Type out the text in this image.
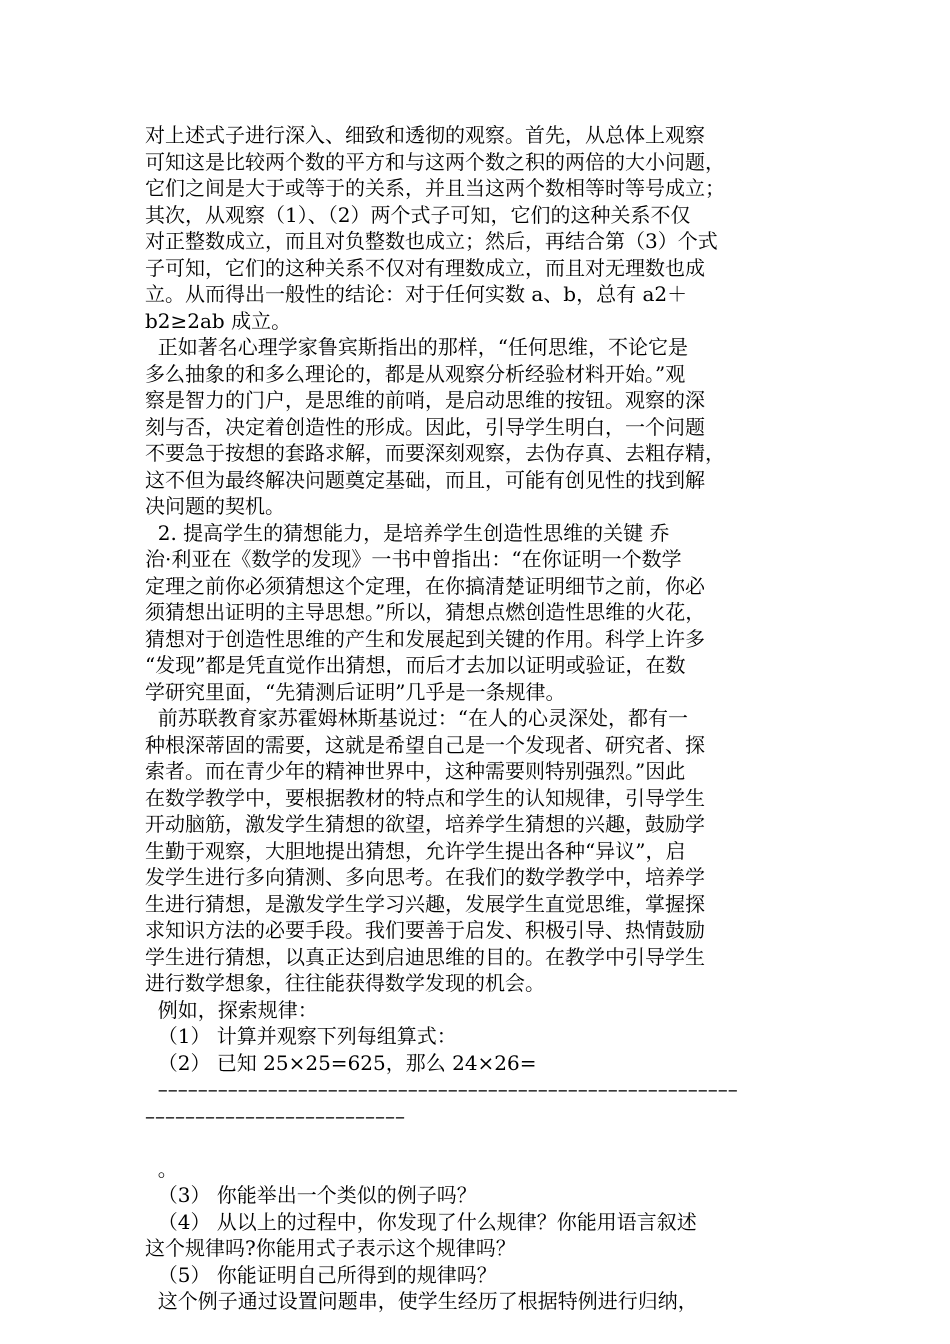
对上述式子进行深入、细致和透彻的观察。首先，从总体上观察
可知这是比较两个数的平方和与这两个数之积的两倍的大小问题，
它们之间是大于或等于的关系，并且当这两个数相等时等号成立；
其次，从观察（1）、（2）两个式子可知，它们的这种关系不仅
对正整数成立，而且对负整数也成立；然后，再结合第（3）个式
子可知，它们的这种关系不仅对有理数成立，而且对无理数也成
立。从而得出一般性的结论：对于任何实数 a、b，总有 a2＋
b2≥2ab 成立。
正如著名心理学家鲁宾斯指出的那样，“任何思维，不论它是
多么抽象的和多么理论的，都是从观察分析经验材料开始。”观
察是智力的门户，是思维的前哨，是启动思维的按钮。观察的深
刻与否，决定着创造性的形成。因此，引导学生明白，一个问题
不要急于按想的套路求解，而要深刻观察，去伪存真、去粗存精，
这不但为最终解决问题奠定基础，而且，可能有创见性的找到解
决问题的契机。
2. 提高学生的猜想能力，是培养学生创造性思维的关键 乔
治·利亚在《数学的发现》一书中曾指出：“在你证明一个数学
定理之前你必须猜想这个定理，在你搞清楚证明细节之前，你必
须猜想出证明的主导思想。”所以，猜想点燃创造性思维的火花，
猜想对于创造性思维的产生和发展起到关键的作用。科学上许多
“发现”都是凭直觉作出猜想，而后才去加以证明或验证，在数
学研究里面，“先猜测后证明”几乎是一条规律。
前苏联教育家苏霍姆林斯基说过：“在人的心灵深处，都有一
种根深蒂固的需要，这就是希望自己是一个发现者、研究者、探
索者。而在青少年的精神世界中，这种需要则特别强烈。”因此
在数学教学中，要根据教材的特点和学生的认知规律，引导学生
开动脑筋，激发学生猜想的欲望，培养学生猜想的兴趣，鼓励学
生勤于观察，大胆地提出猜想，允许学生提出各种“异议”，启
发学生进行多向猜测、多向思考。在我们的数学教学中，培养学
生进行猜想，是激发学生学习兴趣，发展学生直觉思维，掌握探
求知识方法的必要手段。我们要善于启发、积极引导、热情鼓励
学生进行猜想，以真正达到启迪思维的目的。在教学中引导学生
进行数学想象，往往能获得数学发现的机会。
例如，探索规律：
（1） 计算并观察下列每组算式：
（2） 已知 25×25=625，那么 24×26=
––––––––––––––––––––––––––––––––––––––––––––––––––––––––––
––––––––––––––––––––––––––
。
（3） 你能举出一个类似的例子吗？
（4） 从以上的过程中，你发现了什么规律？你能用语言叙述
这个规律吗?你能用式子表示这个规律吗？
（5） 你能证明自己所得到的规律吗？
这个例子通过设置问题串，使学生经历了根据特例进行归纳，
